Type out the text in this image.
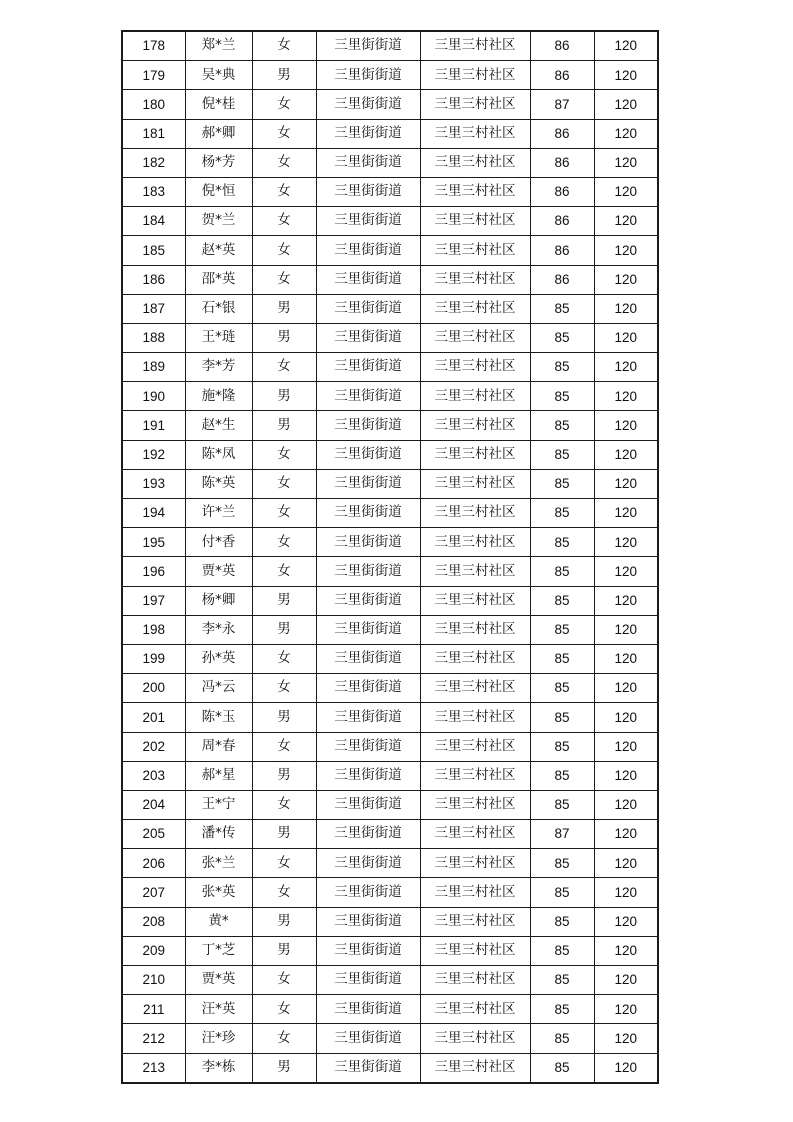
178	郑*兰	女	三里街街道	三里三村社区	86	120
179	吴*典	男	三里街街道	三里三村社区	86	120
180	倪*桂	女	三里街街道	三里三村社区	87	120
181	郝*卿	女	三里街街道	三里三村社区	86	120
182	杨*芳	女	三里街街道	三里三村社区	86	120
183	倪*恒	女	三里街街道	三里三村社区	86	120
184	贺*兰	女	三里街街道	三里三村社区	86	120
185	赵*英	女	三里街街道	三里三村社区	86	120
186	邵*英	女	三里街街道	三里三村社区	86	120
187	石*银	男	三里街街道	三里三村社区	85	120
188	王*琏	男	三里街街道	三里三村社区	85	120
189	李*芳	女	三里街街道	三里三村社区	85	120
190	施*隆	男	三里街街道	三里三村社区	85	120
191	赵*生	男	三里街街道	三里三村社区	85	120
192	陈*凤	女	三里街街道	三里三村社区	85	120
193	陈*英	女	三里街街道	三里三村社区	85	120
194	许*兰	女	三里街街道	三里三村社区	85	120
195	付*香	女	三里街街道	三里三村社区	85	120
196	贾*英	女	三里街街道	三里三村社区	85	120
197	杨*卿	男	三里街街道	三里三村社区	85	120
198	李*永	男	三里街街道	三里三村社区	85	120
199	孙*英	女	三里街街道	三里三村社区	85	120
200	冯*云	女	三里街街道	三里三村社区	85	120
201	陈*玉	男	三里街街道	三里三村社区	85	120
202	周*春	女	三里街街道	三里三村社区	85	120
203	郝*星	男	三里街街道	三里三村社区	85	120
204	王*宁	女	三里街街道	三里三村社区	85	120
205	潘*传	男	三里街街道	三里三村社区	87	120
206	张*兰	女	三里街街道	三里三村社区	85	120
207	张*英	女	三里街街道	三里三村社区	85	120
208	黄*	男	三里街街道	三里三村社区	85	120
209	丁*芝	男	三里街街道	三里三村社区	85	120
210	贾*英	女	三里街街道	三里三村社区	85	120
211	汪*英	女	三里街街道	三里三村社区	85	120
212	汪*珍	女	三里街街道	三里三村社区	85	120
213	李*栋	男	三里街街道	三里三村社区	85	120
